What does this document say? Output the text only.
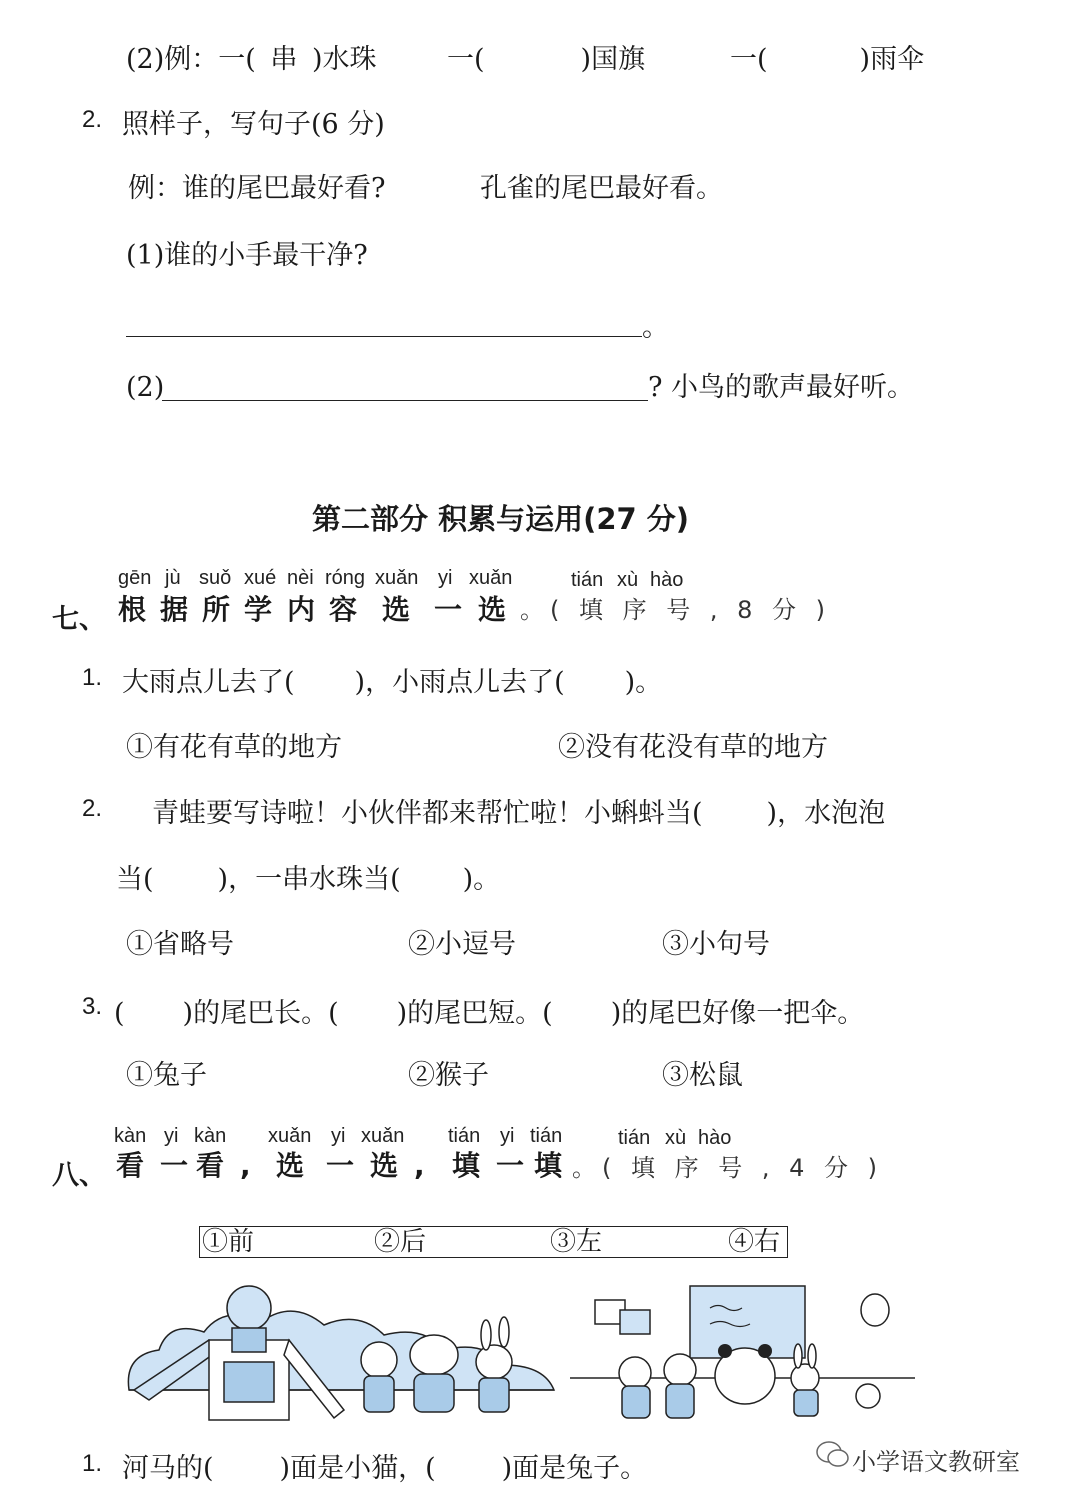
(2)例：一( 串 )水珠	一(	)国旗	一(	)雨伞
2. 照样子，写句子(6 分)
例：谁的尾巴最好看?	孔雀的尾巴最好看。
(1)谁的小手最干净?
。
(2)	? 小鸟的歌声最好听。
第二部分 积累与运用(27 分)
gēn jù suǒ xué nèi róng xuǎn yi xuǎn	tián xù hào
七、 根 据 所 学 内 容 选 一 选 。( 填 序 号 , 8 分 )
1. 大雨点儿去了( )，小雨点儿去了( )。
①有花有草的地方	②没有花没有草的地方
2. 青蛙要写诗啦！小伙伴都来帮忙啦！小蝌蚪当( )，水泡泡
当( )，一串水珠当( )。
①省略号	②小逗号	③小句号
3. ( )的尾巴长。( )的尾巴短。( )的尾巴好像一把伞。
①兔子	②猴子	③松鼠
kàn yi kàn xuǎn yi xuǎn tián yi tián	tián xù hào
八、 看 一 看 , 选 一 选 , 填 一 填 。( 填 序 号 , 4 分 )
①前	②后	③左	④右
1. 河马的( )面是小猫，( )面是兔子。	小学语文教研室
